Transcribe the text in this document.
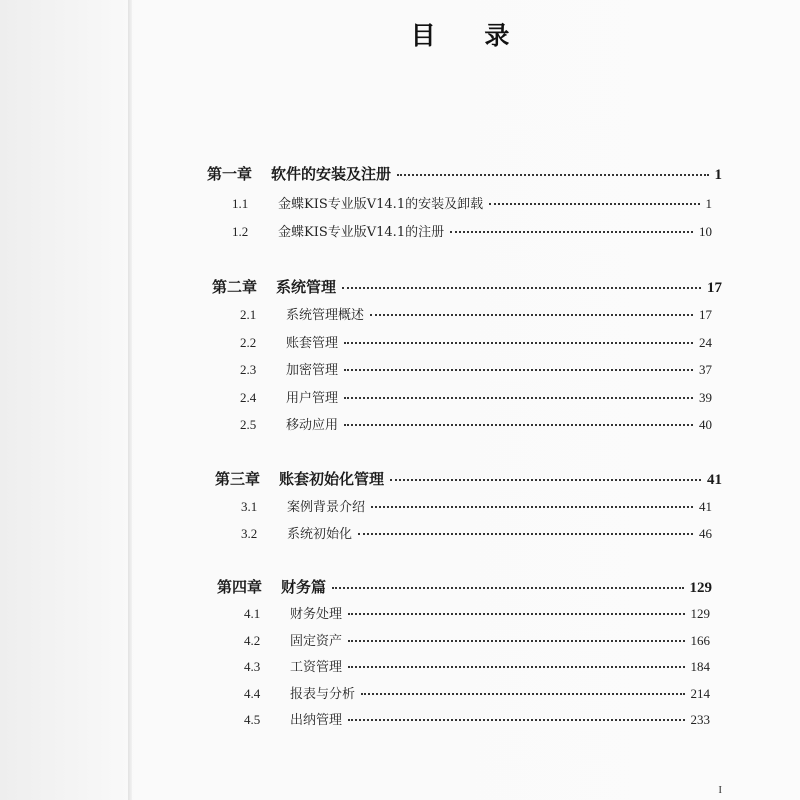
目 录
第一章	软件的安装及注册	1
1.1	金蝶KIS专业版V14.1的安装及卸载	1
1.2	金蝶KIS专业版V14.1的注册	10
第二章	系统管理	17
2.1	系统管理概述	17
2.2	账套管理	24
2.3	加密管理	37
2.4	用户管理	39
2.5	移动应用	40
第三章	账套初始化管理	41
3.1	案例背景介绍	41
3.2	系统初始化	46
第四章	财务篇	129
4.1	财务处理	129
4.2	固定资产	166
4.3	工资管理	184
4.4	报表与分析	214
4.5	出纳管理	233
I
